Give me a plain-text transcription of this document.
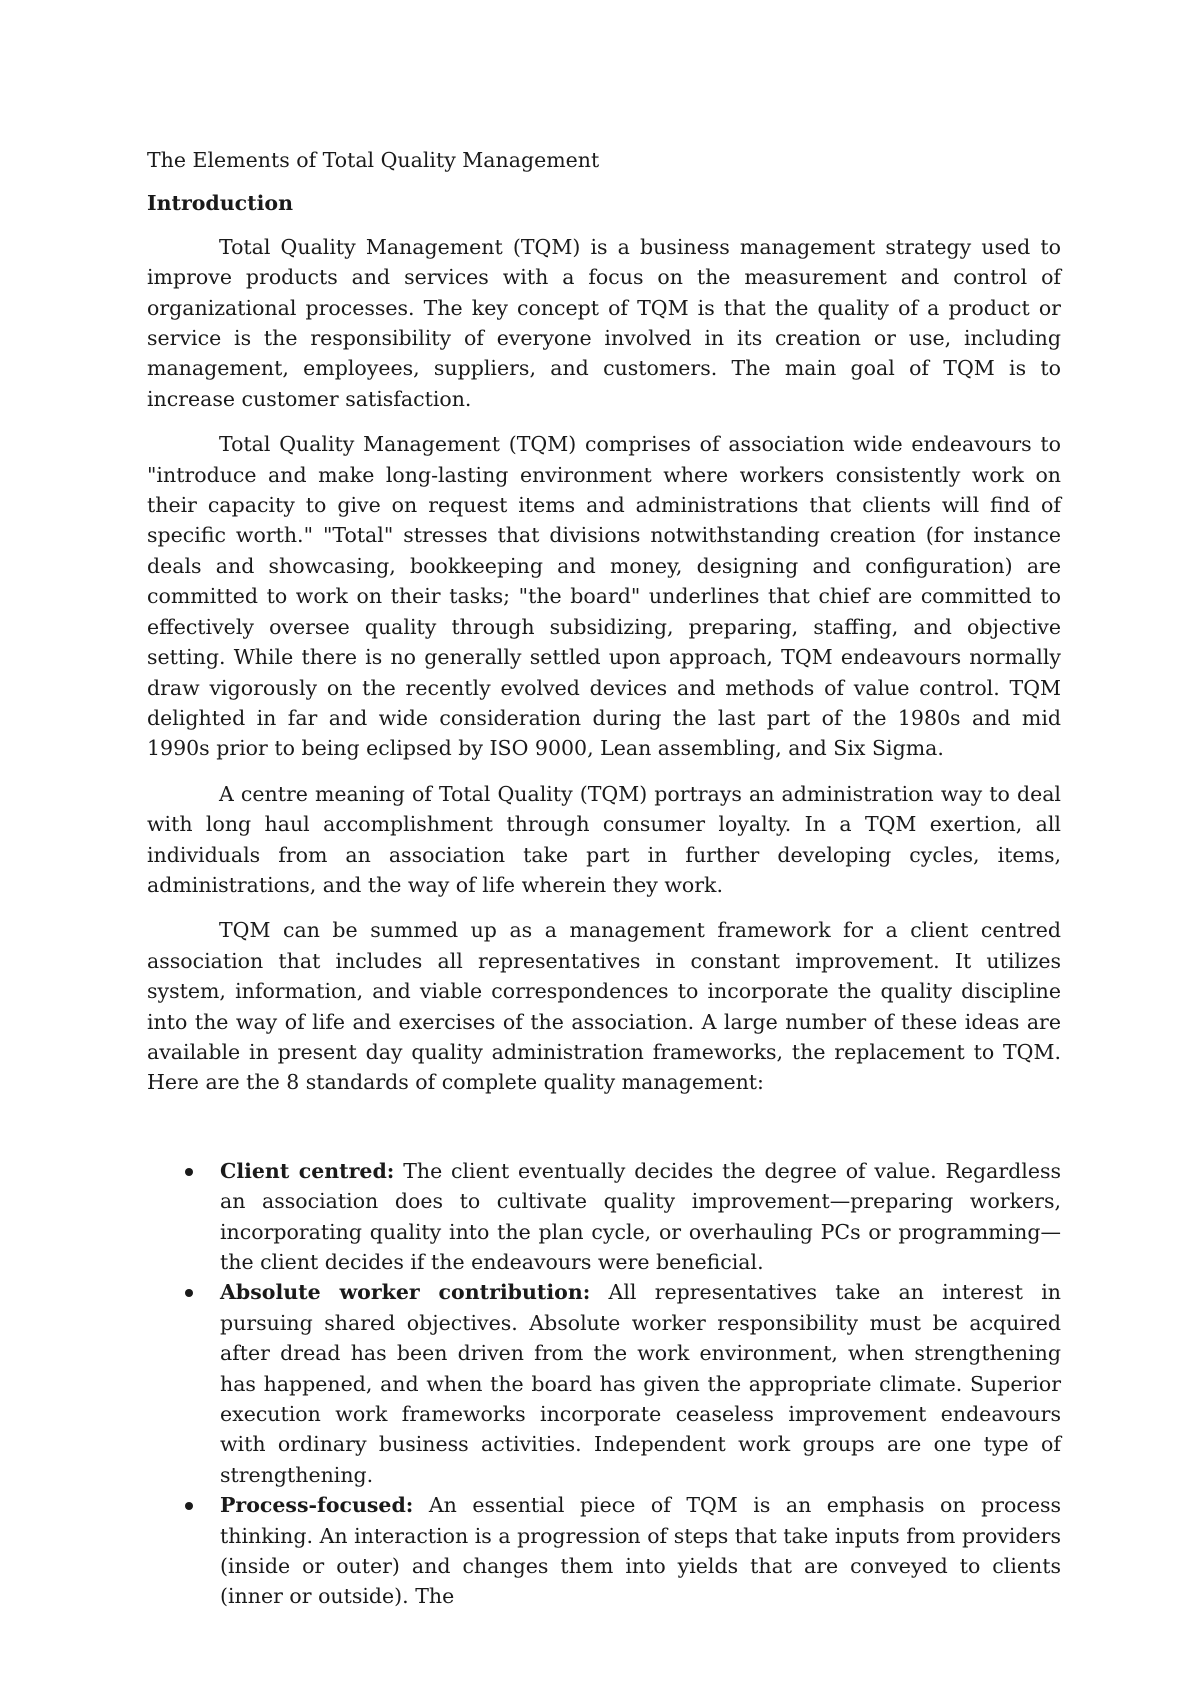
The Elements of Total Quality Management

Introduction

Total Quality Management (TQM) is a business management strategy used to improve products and services with a focus on the measurement and control of organizational processes. The key concept of TQM is that the quality of a product or service is the responsibility of everyone involved in its creation or use, including management, employees, suppliers, and customers. The main goal of TQM is to increase customer satisfaction.

Total Quality Management (TQM) comprises of association wide endeavours to "introduce and make long-lasting environment where workers consistently work on their capacity to give on request items and administrations that clients will find of specific worth." "Total" stresses that divisions notwithstanding creation (for instance deals and showcasing, bookkeeping and money, designing and configuration) are committed to work on their tasks; "the board" underlines that chief are committed to effectively oversee quality through subsidizing, preparing, staffing, and objective setting. While there is no generally settled upon approach, TQM endeavours normally draw vigorously on the recently evolved devices and methods of value control. TQM delighted in far and wide consideration during the last part of the 1980s and mid 1990s prior to being eclipsed by ISO 9000, Lean assembling, and Six Sigma.

A centre meaning of Total Quality (TQM) portrays an administration way to deal with long haul accomplishment through consumer loyalty. In a TQM exertion, all individuals from an association take part in further developing cycles, items, administrations, and the way of life wherein they work.

TQM can be summed up as a management framework for a client centred association that includes all representatives in constant improvement. It utilizes system, information, and viable correspondences to incorporate the quality discipline into the way of life and exercises of the association. A large number of these ideas are available in present day quality administration frameworks, the replacement to TQM. Here are the 8 standards of complete quality management:

Client centred: The client eventually decides the degree of value. Regardless an association does to cultivate quality improvement—preparing workers, incorporating quality into the plan cycle, or overhauling PCs or programming—the client decides if the endeavours were beneficial.
Absolute worker contribution: All representatives take an interest in pursuing shared objectives. Absolute worker responsibility must be acquired after dread has been driven from the work environment, when strengthening has happened, and when the board has given the appropriate climate. Superior execution work frameworks incorporate ceaseless improvement endeavours with ordinary business activities. Independent work groups are one type of strengthening.
Process-focused: An essential piece of TQM is an emphasis on process thinking. An interaction is a progression of steps that take inputs from providers (inside or outer) and changes them into yields that are conveyed to clients (inner or outside). The
